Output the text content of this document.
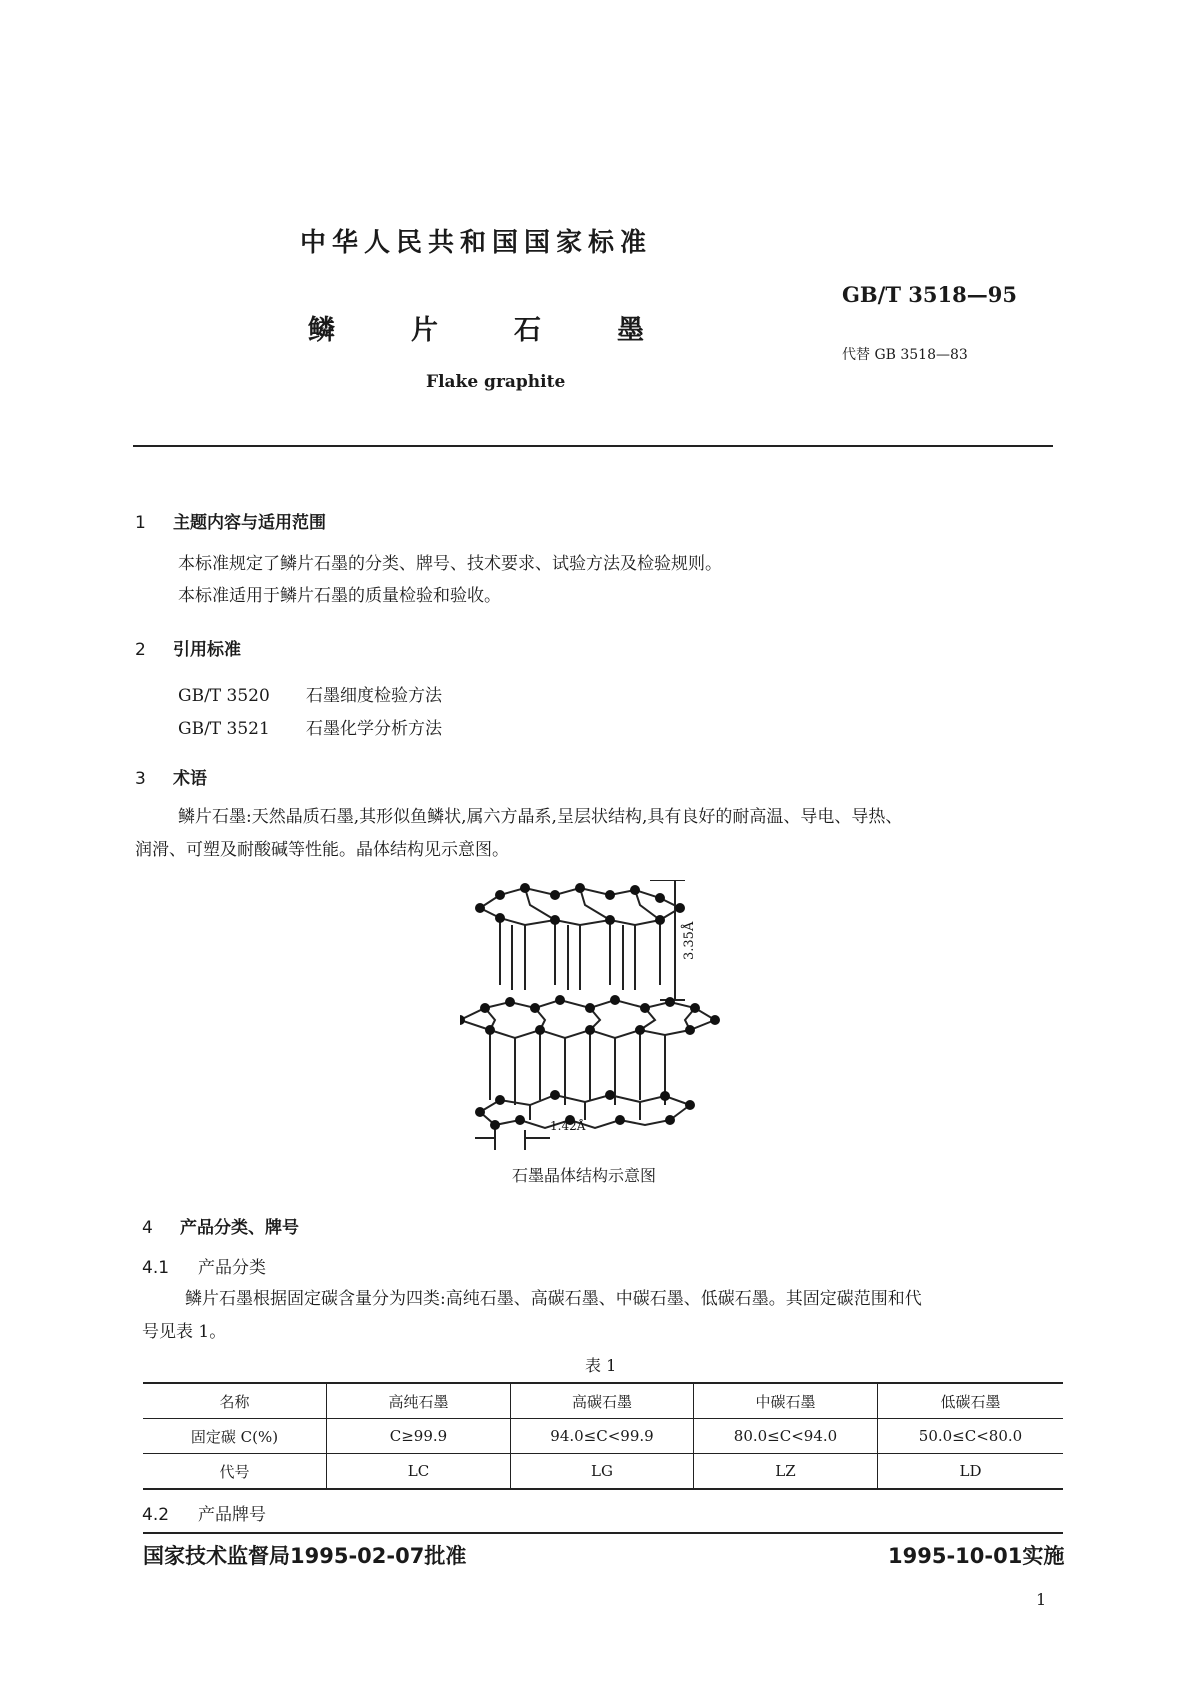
中华人民共和国国家标准
GB/T 3518—95
鳞	片	石	墨
代替 GB 3518—83
Flake graphite
1 主题内容与适用范围
本标准规定了鳞片石墨的分类、牌号、技术要求、试验方法及检验规则。
本标准适用于鳞片石墨的质量检验和验收。
2 引用标准
GB/T 3520 石墨细度检验方法
GB/T 3521 石墨化学分析方法
3 术语
鳞片石墨:天然晶质石墨,其形似鱼鳞状,属六方晶系,呈层状结构,具有良好的耐高温、导电、导热、
润滑、可塑及耐酸碱等性能。晶体结构见示意图。
3.35Å
1.42Å
石墨晶体结构示意图
4 产品分类、牌号
4.1 产品分类
鳞片石墨根据固定碳含量分为四类:高纯石墨、高碳石墨、中碳石墨、低碳石墨。其固定碳范围和代
号见表 1。
表 1
名称	高纯石墨	高碳石墨	中碳石墨	低碳石墨
固定碳 C(%)	C≥99.9	94.0≤C<99.9	80.0≤C<94.0	50.0≤C<80.0
代号	LC	LG	LZ	LD
4.2 产品牌号
国家技术监督局1995-02-07批准	1995-10-01实施
1
